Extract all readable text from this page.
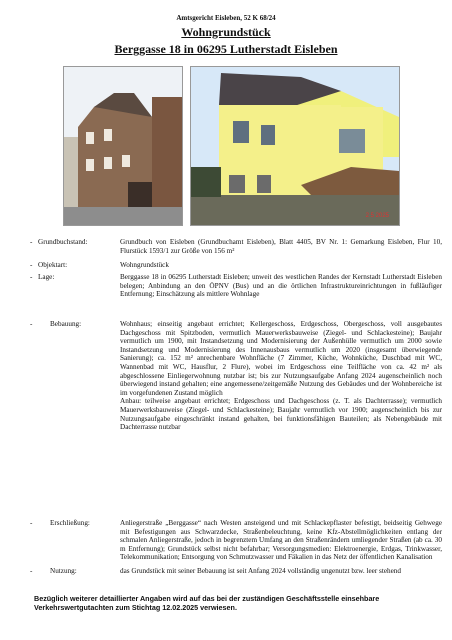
Amtsgericht Eisleben, 52 K 68/24
Wohngrundstück
Berggasse 18 in 06295 Lutherstadt Eisleben
2 5 2025
- Grundbuchstand:	Grundbuch von Eisleben (Grundbuchamt Eisleben), Blatt 4405, BV Nr. 1: Gemarkung Eisleben, Flur 10, Flurstück 1593/1 zur Größe von 156 m²
- Objektart:	Wohngrundstück
- Lage:	Berggasse 18 in 06295 Lutherstadt Eisleben; unweit des westlichen Randes der Kernstadt Lutherstadt Eisleben belegen; Anbindung an den ÖPNV (Bus) und an die örtlichen Infrastruktureinrichtungen in fußläufiger Entfernung; Einschätzung als mittlere Wohnlage
-	Bebauung:	Wohnhaus; einseitig angebaut errichtet; Kellergeschoss, Erdgeschoss, Obergeschoss, voll ausgebautes Dachgeschoss mit Spitzboden, vermutlich Mauerwerksbauweise (Ziegel- und Schlackesteine); Baujahr vermutlich um 1900, mit Instandsetzung und Modernisierung der Außenhülle vermutlich um 2000 sowie Instandsetzung und Modernisierung des Innenausbaus vermutlich um 2020 (insgesamt überwiegende Sanierung); ca. 152 m² anrechenbare Wohnfläche (7 Zimmer, Küche, Wohnküche, Duschbad mit WC, Wannenbad mit WC, Hausflur, 2 Flure), wobei im Erdgeschoss eine Teilfläche von ca. 42 m² als abgeschlossene Einliegerwohnung nutzbar ist; bis zur Nutzungsaufgabe Anfang 2024 augenscheinlich noch überwiegend instand gehalten; eine angemessene/zeitgemäße Nutzung des Gebäudes und der Wohnbereiche ist im vorgefundenen Zustand möglich
Anbau: teilweise angebaut errichtet; Erdgeschoss und Dachgeschoss (z. T. als Dachterrasse); vermutlich Mauerwerksbauweise (Ziegel- und Schlackesteine); Baujahr vermutlich vor 1900; augenscheinlich bis zur Nutzungsaufgabe eingeschränkt instand gehalten, bei funktionsfähigen Bauteilen; als Nebengebäude mit Dachterrasse nutzbar
-	Erschließung:	Anliegerstraße „Berggasse“ nach Westen ansteigend und mit Schlackepflaster befestigt, beidseitig Gehwege mit Befestigungen aus Schwarzdecke, Straßenbeleuchtung, keine Kfz-Abstellmöglichkeiten entlang der schmalen Anliegerstraße, jedoch in begrenztem Umfang an den Straßenrändern umliegender Straßen (ab ca. 30 m Entfernung); Grundstück selbst nicht befahrbar; Versorgungsmedien: Elektroenergie, Erdgas, Trinkwasser, Telekommunikation; Entsorgung von Schmutzwasser und Fäkalien in das Netz der öffentlichen Kanalisation
-	Nutzung:	das Grundstück mit seiner Bebauung ist seit Anfang 2024 vollständig ungenutzt bzw. leer stehend
Bezüglich weiterer detaillierter Angaben wird auf das bei der zuständigen Geschäftsstelle einsehbare Verkehrswertgutachten zum Stichtag 12.02.2025 verwiesen.
